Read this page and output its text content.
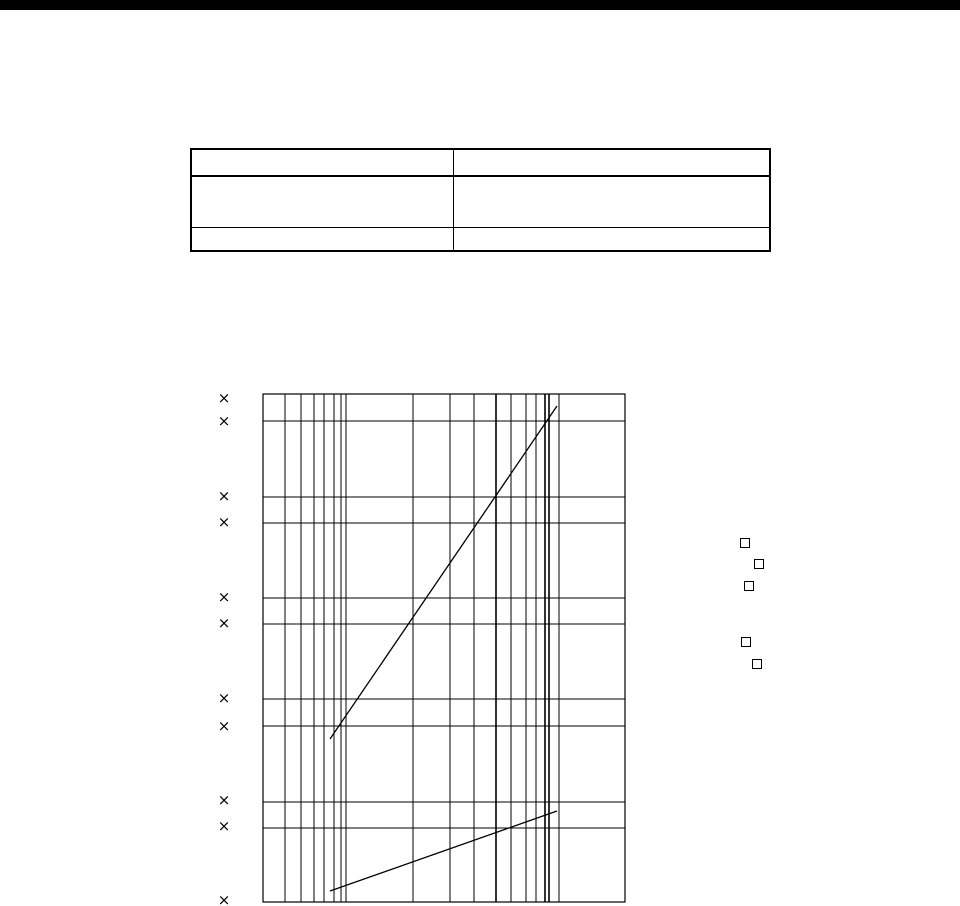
×
×
×
×
×
×
×
×
×
×
×
